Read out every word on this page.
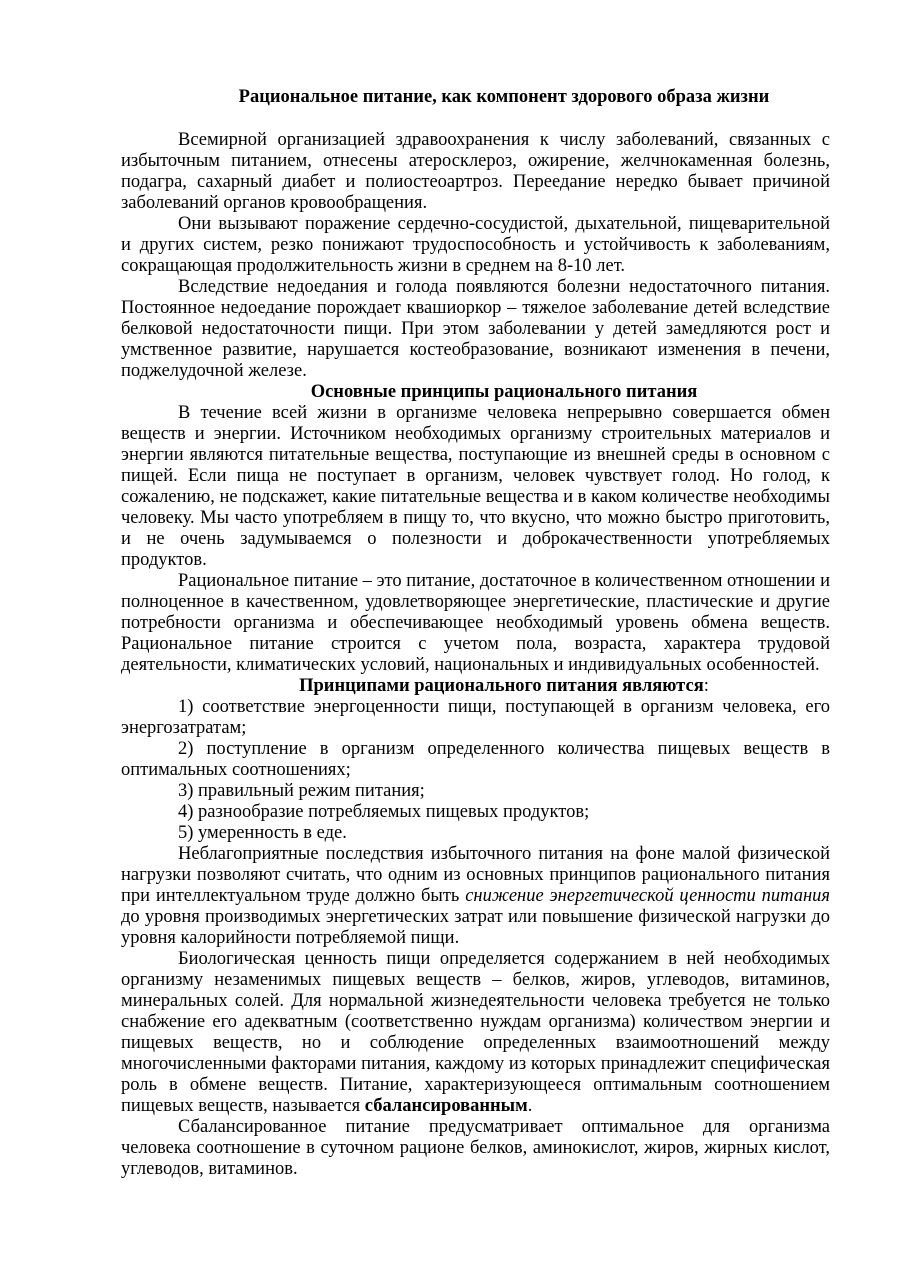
Рациональное питание, как компонент здорового образа жизни
Всемирной организацией здравоохранения к числу заболеваний, связанных с избыточным питанием, отнесены атеросклероз, ожирение, желчнокаменная болезнь, подагра, сахарный диабет и полиостеоартроз. Переедание нередко бывает причиной заболеваний органов кровообращения.
Они вызывают поражение сердечно-сосудистой, дыхательной, пищеварительной и других систем, резко понижают трудоспособность и устойчивость к заболеваниям, сокращающая продолжительность жизни в среднем на 8-10 лет.
Вследствие недоедания и голода появляются болезни недостаточного питания. Постоянное недоедание порождает квашиоркор – тяжелое заболевание детей вследствие белковой недостаточности пищи. При этом заболевании у детей замедляются рост и умственное развитие, нарушается костеобразование, возникают изменения в печени, поджелудочной железе.
Основные принципы рационального питания
В течение всей жизни в организме человека непрерывно совершается обмен веществ и энергии. Источником необходимых организму строительных материалов и энергии являются питательные вещества, поступающие из внешней среды в основном с пищей. Если пища не поступает в организм, человек чувствует голод. Но голод, к сожалению, не подскажет, какие питательные вещества и в каком количестве необходимы человеку. Мы часто употребляем в пищу то, что вкусно, что можно быстро приготовить, и не очень задумываемся о полезности и доброкачественности употребляемых продуктов.
Рациональное питание – это питание, достаточное в количественном отношении и полноценное в качественном, удовлетворяющее энергетические, пластические и другие потребности организма и обеспечивающее необходимый уровень обмена веществ. Рациональное питание строится с учетом пола, возраста, характера трудовой деятельности, климатических условий, национальных и индивидуальных особенностей.
Принципами рационального питания являются:
1) соответствие энергоценности пищи, поступающей в организм человека, его энергозатратам;
2) поступление в организм определенного количества пищевых веществ в оптимальных соотношениях;
3) правильный режим питания;
4) разнообразие потребляемых пищевых продуктов;
5) умеренность в еде.
Неблагоприятные последствия избыточного питания на фоне малой физической нагрузки позволяют считать, что одним из основных принципов рационального питания при интеллектуальном труде должно быть снижение энергетической ценности питания до уровня производимых энергетических затрат или повышение физической нагрузки до уровня калорийности потребляемой пищи.
Биологическая ценность пищи определяется содержанием в ней необходимых организму незаменимых пищевых веществ – белков, жиров, углеводов, витаминов, минеральных солей. Для нормальной жизнедеятельности человека требуется не только снабжение его адекватным (соответственно нуждам организма) количеством энергии и пищевых веществ, но и соблюдение определенных взаимоотношений между многочисленными факторами питания, каждому из которых принадлежит специфическая роль в обмене веществ. Питание, характеризующееся оптимальным соотношением пищевых веществ, называется сбалансированным.
Сбалансированное питание предусматривает оптимальное для организма человека соотношение в суточном рационе белков, аминокислот, жиров, жирных кислот, углеводов, витаминов.
